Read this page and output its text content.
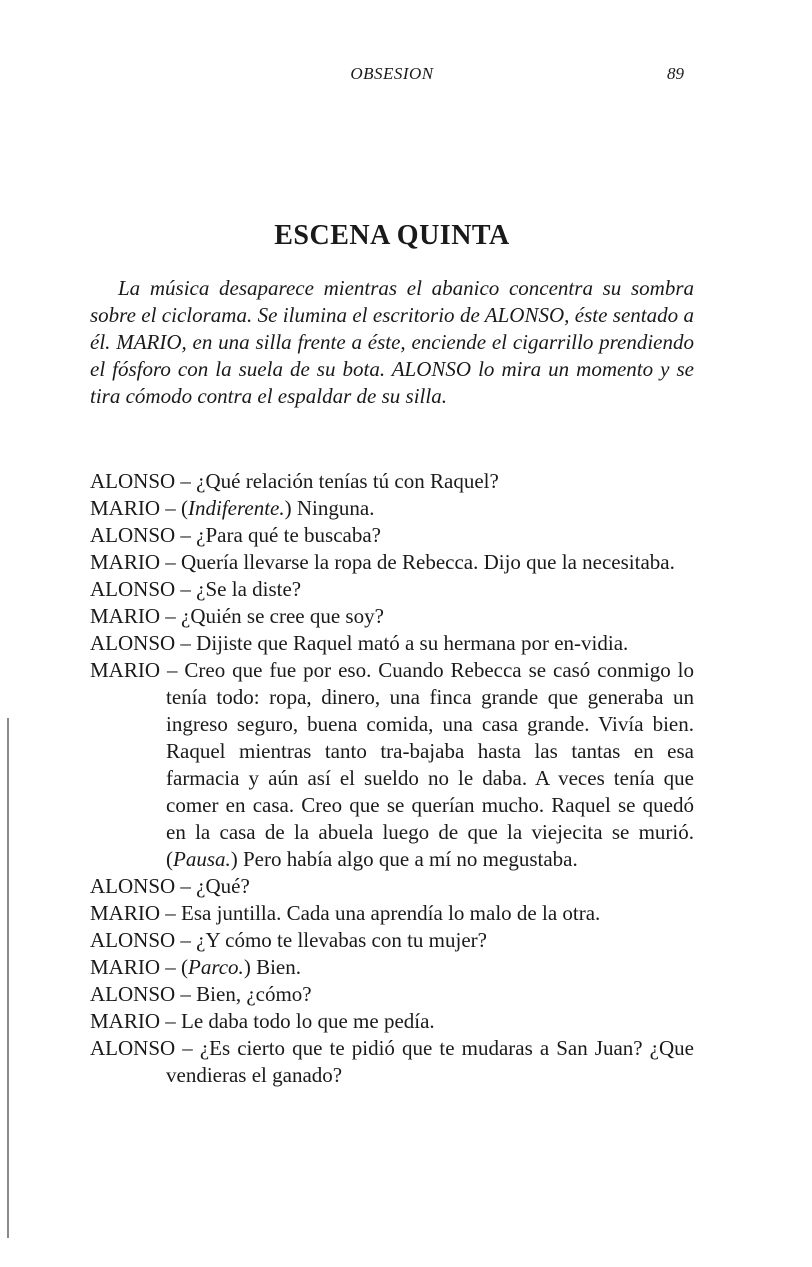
OBSESION	89
ESCENA QUINTA

La música desaparece mientras el abanico concentra su sombra sobre el ciclorama. Se ilumina el escritorio de ALONSO, éste sentado a él. MARIO, en una silla frente a éste, enciende el cigarrillo prendiendo el fósforo con la suela de su bota. ALONSO lo mira un momento y se tira cómodo contra el espaldar de su silla.

ALONSO – ¿Qué relación tenías tú con Raquel?
MARIO – (Indiferente.) Ninguna.
ALONSO – ¿Para qué te buscaba?
MARIO – Quería llevarse la ropa de Rebecca. Dijo que la necesitaba.
ALONSO – ¿Se la diste?
MARIO – ¿Quién se cree que soy?
ALONSO – Dijiste que Raquel mató a su hermana por en-vidia.
MARIO – Creo que fue por eso. Cuando Rebecca se casó conmigo lo tenía todo: ropa, dinero, una finca grande que generaba un ingreso seguro, buena comida, una casa grande. Vivía bien. Raquel mientras tanto tra-bajaba hasta las tantas en esa farmacia y aún así el sueldo no le daba. A veces tenía que comer en casa. Creo que se querían mucho. Raquel se quedó en la casa de la abuela luego de que la viejecita se murió. (Pausa.) Pero había algo que a mí no megustaba.
ALONSO – ¿Qué?
MARIO – Esa juntilla. Cada una aprendía lo malo de la otra.
ALONSO – ¿Y cómo te llevabas con tu mujer?
MARIO – (Parco.) Bien.
ALONSO – Bien, ¿cómo?
MARIO – Le daba todo lo que me pedía.
ALONSO – ¿Es cierto que te pidió que te mudaras a San Juan? ¿Que vendieras el ganado?
